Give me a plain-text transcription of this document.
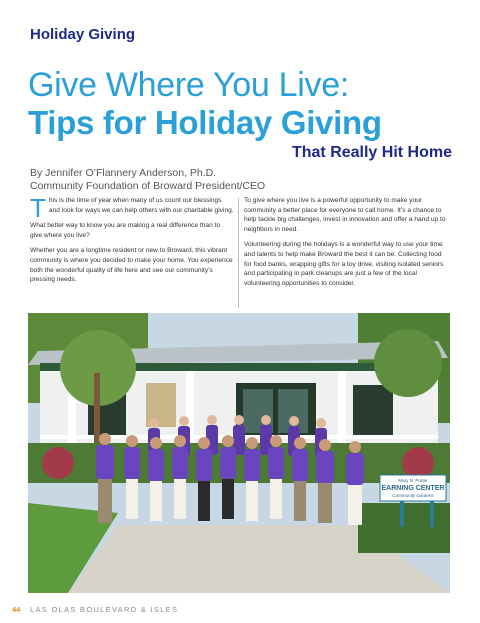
Holiday Giving
Give Where You Live:
Tips for Holiday Giving
That Really Hit Home
By Jennifer O’Flannery Anderson, Ph.D.
Community Foundation of Broward President/CEO

This is the time of year when many of us count our blessings and look for ways we can help others with our charitable giving.

What better way to know you are making a real difference than to give where you live?

Whether you are a longtime resident or new to Broward, this vibrant community is where you decided to make your home. You experience both the wonderful quality of life here and see our community’s pressing needs.

To give where you live is a powerful opportunity to make your community a better place for everyone to call home. It’s a chance to help tackle big challenges, invest in innovation and offer a hand up to neighbors in need.

Volunteering during the holidays is a wonderful way to use your time and talents to help make Broward the best it can be. Collecting food for food banks, wrapping gifts for a toy drive, visiting isolated seniors and participating in park cleanups are just a few of the local volunteering opportunities to consider.

Mary N. Porter
EARNING CENTER
Community Gardens
44 LAS OLAS BOULEVARD & ISLES
